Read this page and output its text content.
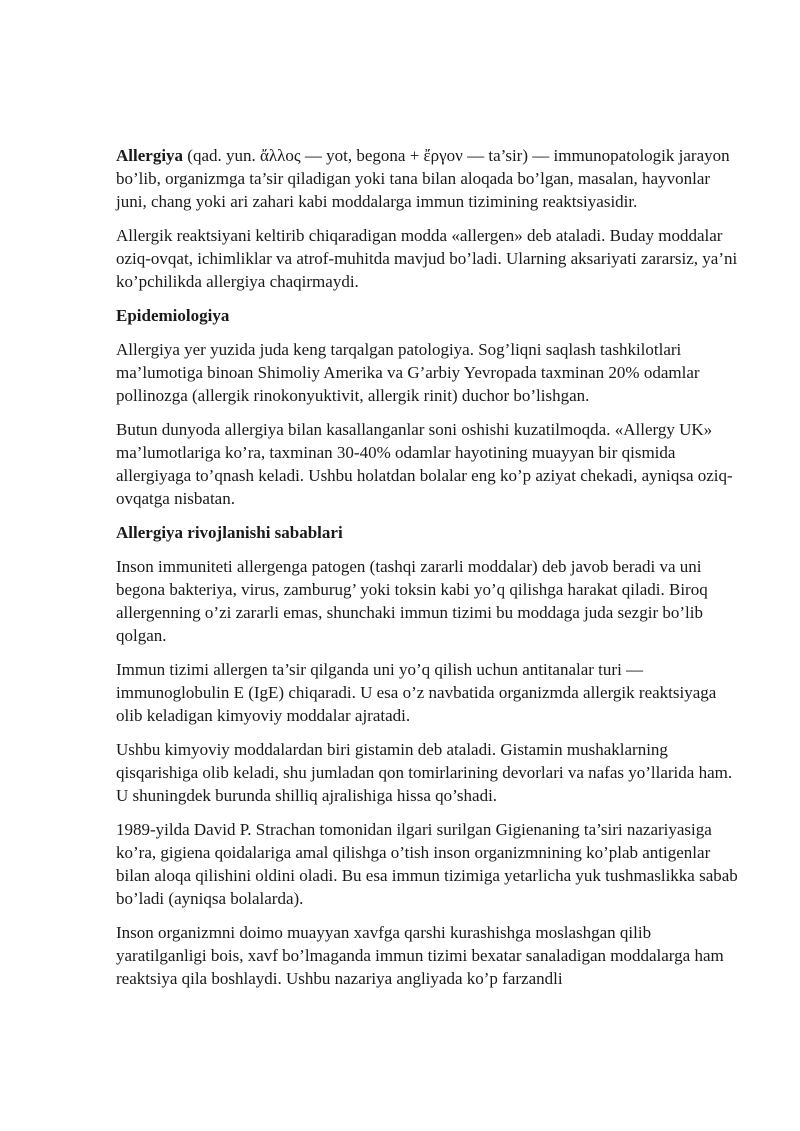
Allergiya (qad. yun. ἄλλος — yot, begona + ἔργον — ta’sir) — immunopatologik jarayon bo’lib, organizmga ta’sir qiladigan yoki tana bilan aloqada bo’lgan, masalan, hayvonlar juni, chang yoki ari zahari kabi moddalarga immun tizimining reaktsiyasidir.

Allergik reaktsiyani keltirib chiqaradigan modda «allergen» deb ataladi. Buday moddalar oziq-ovqat, ichimliklar va atrof-muhitda mavjud bo’ladi. Ularning aksariyati zararsiz, ya’ni ko’pchilikda allergiya chaqirmaydi.

Epidemiologiya

Allergiya yer yuzida juda keng tarqalgan patologiya. Sog’liqni saqlash tashkilotlari ma’lumotiga binoan Shimoliy Amerika va G’arbiy Yevropada taxminan 20% odamlar pollinozga (allergik rinokonyuktivit, allergik rinit) duchor bo’lishgan.

Butun dunyoda allergiya bilan kasallanganlar soni oshishi kuzatilmoqda. «Allergy UK» ma’lumotlariga ko’ra, taxminan 30-40% odamlar hayotining muayyan bir qismida allergiyaga to’qnash keladi. Ushbu holatdan bolalar eng ko’p aziyat chekadi, ayniqsa oziq-ovqatga nisbatan.

Allergiya rivojlanishi sabablari

Inson immuniteti allergenga patogen (tashqi zararli moddalar) deb javob beradi va uni begona bakteriya, virus, zamburug’ yoki toksin kabi yo’q qilishga harakat qiladi. Biroq allergenning o’zi zararli emas, shunchaki immun tizimi bu moddaga juda sezgir bo’lib qolgan.

Immun tizimi allergen ta’sir qilganda uni yo’q qilish uchun antitanalar turi — immunoglobulin E (IgE) chiqaradi. U esa o’z navbatida organizmda allergik reaktsiyaga olib keladigan kimyoviy moddalar ajratadi.

Ushbu kimyoviy moddalardan biri gistamin deb ataladi. Gistamin mushaklarning qisqarishiga olib keladi, shu jumladan qon tomirlarining devorlari va nafas yo’llarida ham. U shuningdek burunda shilliq ajralishiga hissa qo’shadi.

1989-yilda David P. Strachan tomonidan ilgari surilgan Gigienaning ta’siri nazariyasiga ko’ra, gigiena qoidalariga amal qilishga o’tish inson organizmnining ko’plab antigenlar bilan aloqa qilishini oldini oladi. Bu esa immun tizimiga yetarlicha yuk tushmaslikka sabab bo’ladi (ayniqsa bolalarda).

Inson organizmni doimo muayyan xavfga qarshi kurashishga moslashgan qilib yaratilganligi bois, xavf bo’lmaganda immun tizimi bexatar sanaladigan moddalarga ham reaktsiya qila boshlaydi. Ushbu nazariya angliyada ko’p farzandli
